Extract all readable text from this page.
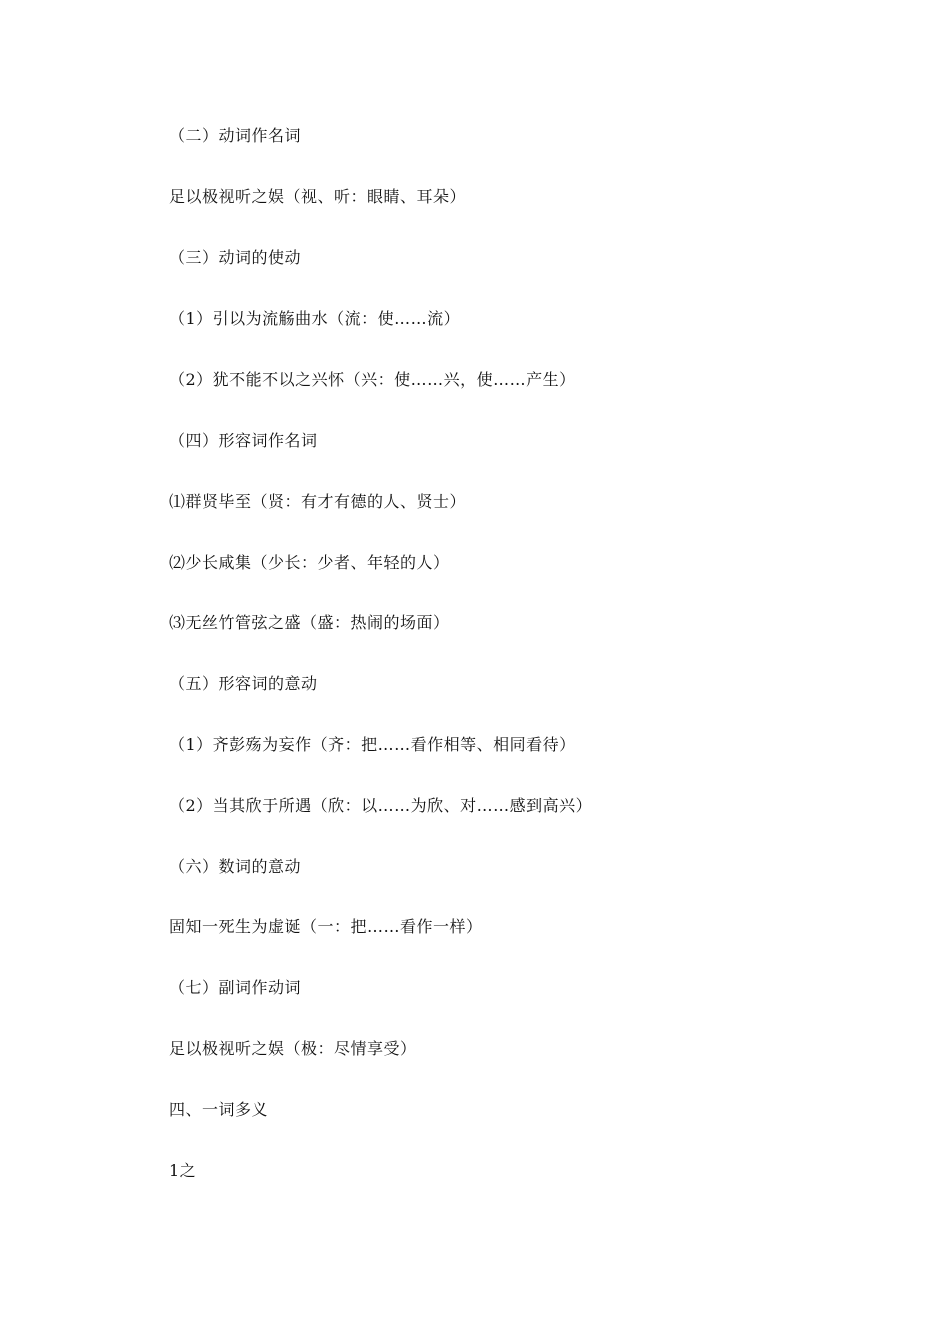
（二）动词作名词
足以极视听之娱（视、听：眼睛、耳朵）
（三）动词的使动
（1）引以为流觞曲水（流：使……流）
（2）犹不能不以之兴怀（兴：使……兴，使……产生）
（四）形容词作名词
⑴群贤毕至（贤：有才有德的人、贤士）
⑵少长咸集（少长：少者、年轻的人）
⑶无丝竹管弦之盛（盛：热闹的场面）
（五）形容词的意动
（1）齐彭殇为妄作（齐：把……看作相等、相同看待）
（2）当其欣于所遇（欣：以……为欣、对……感到高兴）
（六）数词的意动
固知一死生为虚诞（一：把……看作一样）
（七）副词作动词
足以极视听之娱（极：尽情享受）
四、一词多义
1之
